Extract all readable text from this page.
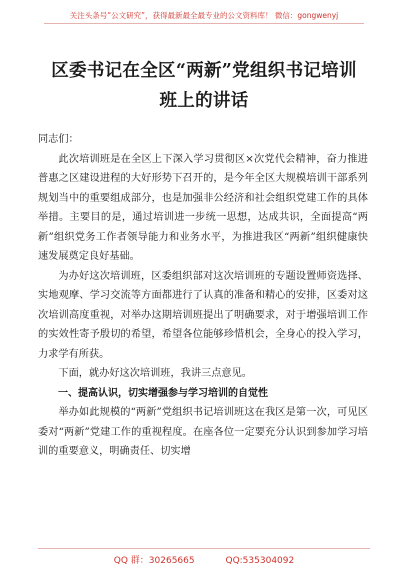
关注头条号“公文研究”，获得最新最全最专业的公文资料库！ 微信：gongwenyj
区委书记在全区“两新”党组织书记培训
班上的讲话

同志们：

此次培训班是在全区上下深入学习贯彻区×次党代会精神，奋力推进普惠之区建设进程的大好形势下召开的，是今年全区大规模培训干部系列规划当中的重要组成部分，也是加强非公经济和社会组织党建工作的具体举措。主要目的是，通过培训进一步统一思想，达成共识，全面提高“两新”组织党务工作者领导能力和业务水平，为推进我区“两新”组织健康快速发展奠定良好基础。

为办好这次培训班，区委组织部对这次培训班的专题设置师资选择、实地观摩、学习交流等方面都进行了认真的准备和精心的安排，区委对这次培训高度重视，对举办这期培训班提出了明确要求，对于增强培训工作的实效性寄予殷切的希望，希望各位能够珍惜机会，全身心的投入学习，力求学有所获。

下面，就办好这次培训班，我讲三点意见。

一、提高认识，切实增强参与学习培训的自觉性

举办如此规模的“两新”党组织书记培训班这在我区是第一次，可见区委对“两新”党建工作的重视程度。在座各位一定要充分认识到参加学习培训的重要意义，明确责任、切实增

QQ 群：30265665	QQ:535304092
